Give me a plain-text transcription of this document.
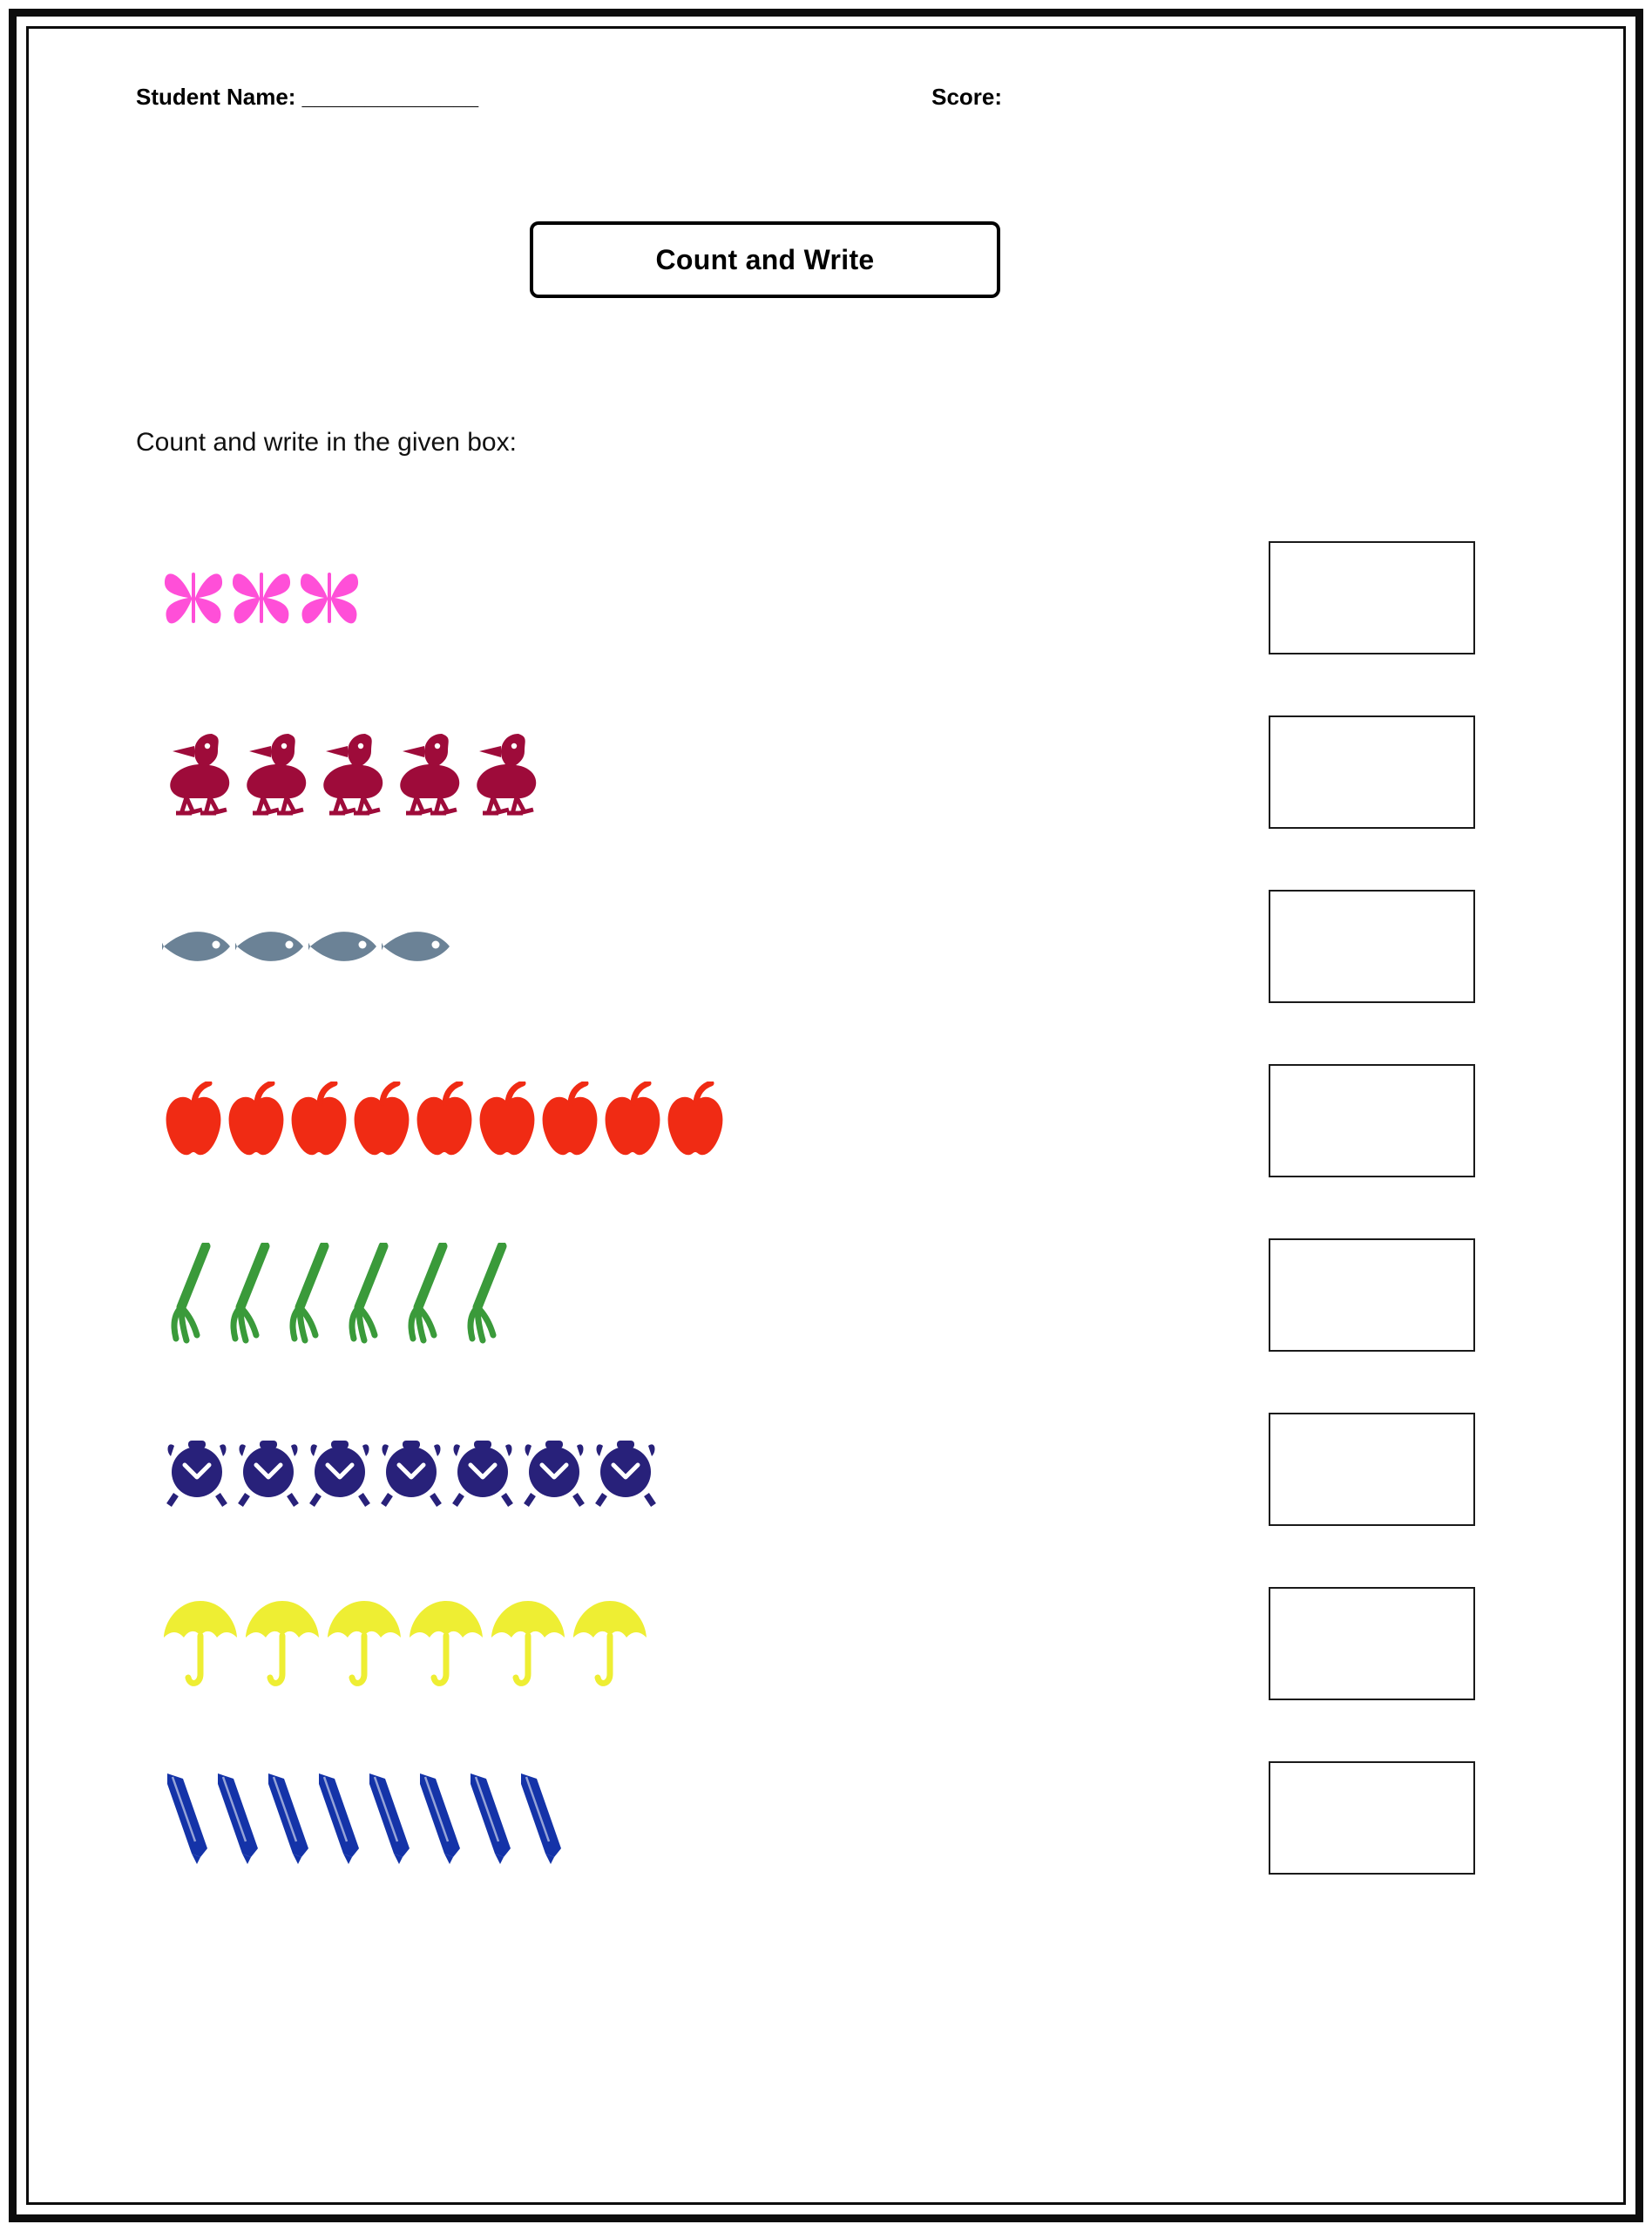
Student Name: ______________	Score:
Count and Write
Count and write in the given box:
